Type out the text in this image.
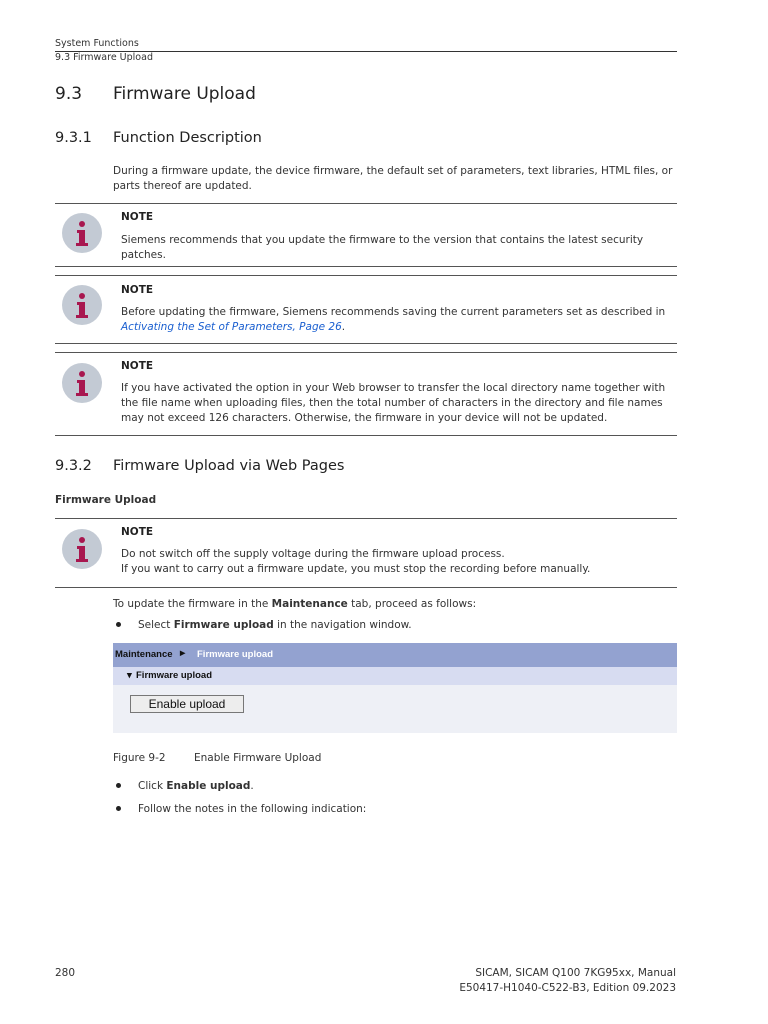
System Functions
9.3 Firmware Upload
9.3 Firmware Upload
9.3.1 Function Description
During a firmware update, the device firmware, the default set of parameters, text libraries, HTML files, or parts thereof are updated.
NOTE
Siemens recommends that you update the firmware to the version that contains the latest security patches.
NOTE
Before updating the firmware, Siemens recommends saving the current parameters set as described in
Activating the Set of Parameters, Page 26.
NOTE
If you have activated the option in your Web browser to transfer the local directory name together with the file name when uploading files, then the total number of characters in the directory and file names may not exceed 126 characters. Otherwise, the firmware in your device will not be updated.
9.3.2 Firmware Upload via Web Pages
Firmware Upload
NOTE
Do not switch off the supply voltage during the firmware upload process.
If you want to carry out a firmware update, you must stop the recording before manually.
To update the firmware in the Maintenance tab, proceed as follows:
Select Firmware upload in the navigation window.
Maintenance ► Firmware upload
▾ Firmware upload
Enable upload
Figure 9-2	Enable Firmware Upload
Click Enable upload.
Follow the notes in the following indication:
280	SICAM, SICAM Q100 7KG95xx, Manual
E50417-H1040-C522-B3, Edition 09.2023
